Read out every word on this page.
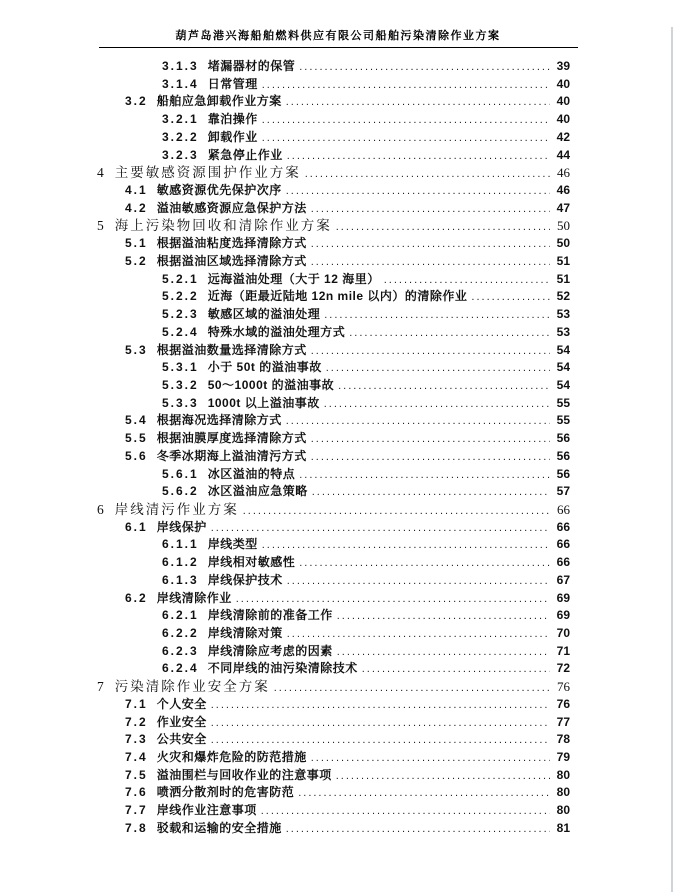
葫芦岛港兴海船舶燃料供应有限公司船舶污染清除作业方案
3.1.3 堵漏器材的保管 .....	39
3.1.4 日常管理 .....	40
3.2 船舶应急卸载作业方案 .....	40
3.2.1 靠泊操作 .....	40
3.2.2 卸载作业 .....	42
3.2.3 紧急停止作业 .....	44
4 主要敏感资源围护作业方案 .....	46
4.1 敏感资源优先保护次序 .....	46
4.2 溢油敏感资源应急保护方法 .....	47
5 海上污染物回收和清除作业方案 .....	50
5.1 根据溢油粘度选择清除方式 .....	50
5.2 根据溢油区域选择清除方式 .....	51
5.2.1 远海溢油处理（大于 12 海里） .....	51
5.2.2 近海（距最近陆地 12n mile 以内）的清除作业 .....	52
5.2.3 敏感区域的溢油处理 .....	53
5.2.4 特殊水域的溢油处理方式 .....	53
5.3 根据溢油数量选择清除方式 .....	54
5.3.1 小于 50t 的溢油事故 .....	54
5.3.2 50～1000t 的溢油事故 .....	54
5.3.3 1000t 以上溢油事故 .....	55
5.4 根据海况选择清除方式 .....	55
5.5 根据油膜厚度选择清除方式 .....	56
5.6 冬季冰期海上溢油清污方式 .....	56
5.6.1 冰区溢油的特点 .....	56
5.6.2 冰区溢油应急策略 .....	57
6 岸线清污作业方案 .....	66
6.1 岸线保护 .....	66
6.1.1 岸线类型 .....	66
6.1.2 岸线相对敏感性 .....	66
6.1.3 岸线保护技术 .....	67
6.2 岸线清除作业 .....	69
6.2.1 岸线清除前的准备工作 .....	69
6.2.2 岸线清除对策 .....	70
6.2.3 岸线清除应考虑的因素 .....	71
6.2.4 不同岸线的油污染清除技术 .....	72
7 污染清除作业安全方案 .....	76
7.1 个人安全 .....	76
7.2 作业安全 .....	77
7.3 公共安全 .....	78
7.4 火灾和爆炸危险的防范措施 .....	79
7.5 溢油围栏与回收作业的注意事项 .....	80
7.6 喷洒分散剂时的危害防范 .....	80
7.7 岸线作业注意事项 .....	80
7.8 驳载和运输的安全措施 .....	81
